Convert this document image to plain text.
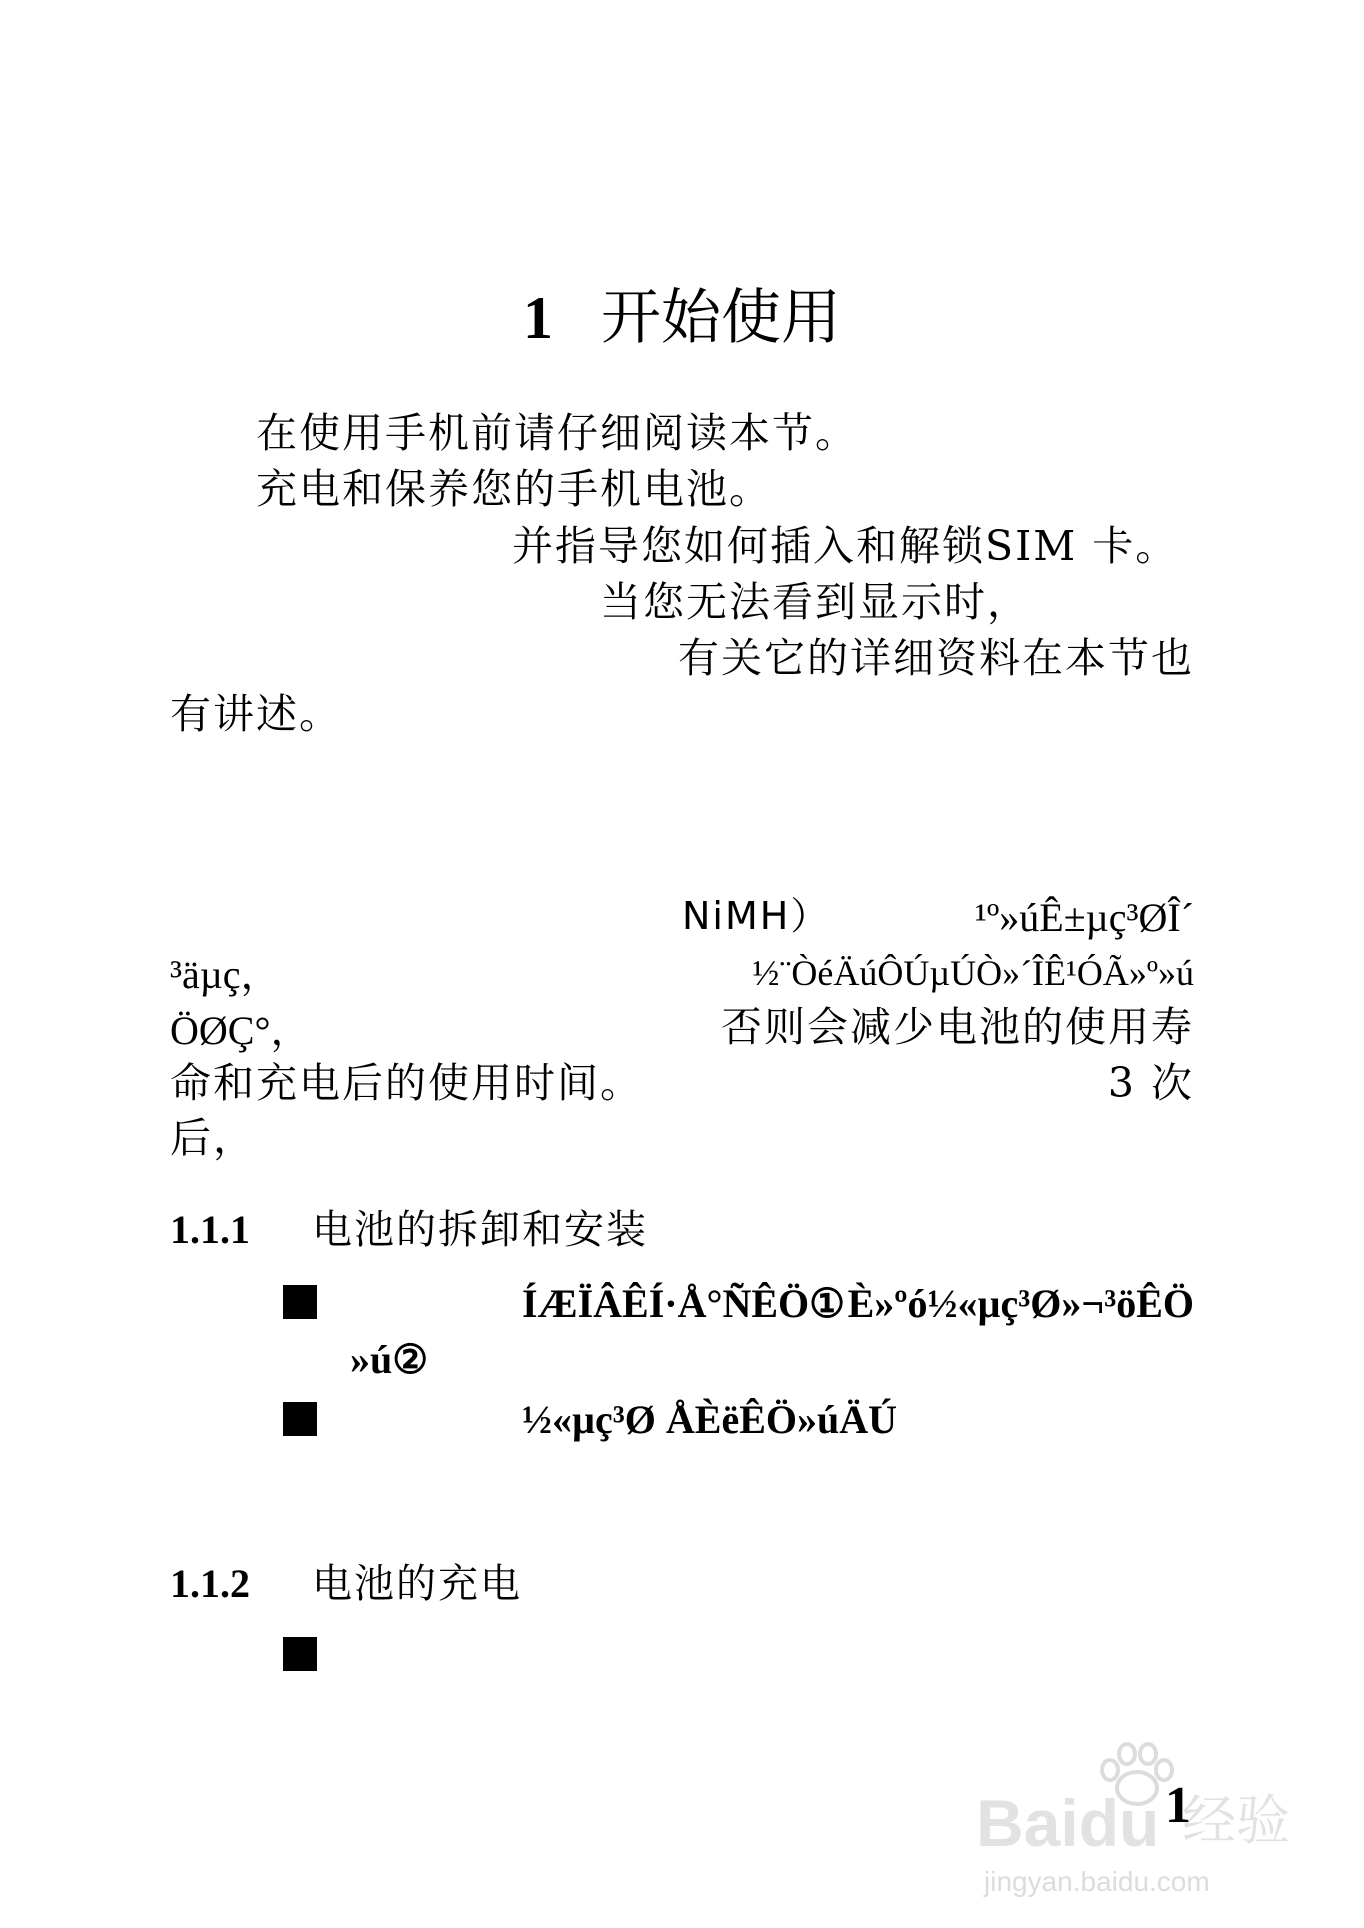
1 开始使用
在使用手机前请仔细阅读本节。
充电和保养您的手机电池。
并指导您如何插入和解锁SIM 卡。
当您无法看到显示时，
有关它的详细资料在本节也
有讲述。
NiMH）	¹º»úÊ±µç³ØÎ´
³äµç，	½¨ÒéÄúÔÚµÚÒ»´ÎÊ¹ÓÃ»º»ú
ÖØÇ°，	否则会减少电池的使用寿
命和充电后的使用时间。	3 次
后，
1.1.1 电池的拆卸和安装
ÍÆÏÂÊÍ·Å°ÑÊÖ① È»ºó½«µç³Ø»¬³öÊÖ
»ú②
½«µç³Ø ÅÈëÊÖ»úÄÚ
1.1.2 电池的充电
Baidu 经验
jingyan.baidu.com
1
